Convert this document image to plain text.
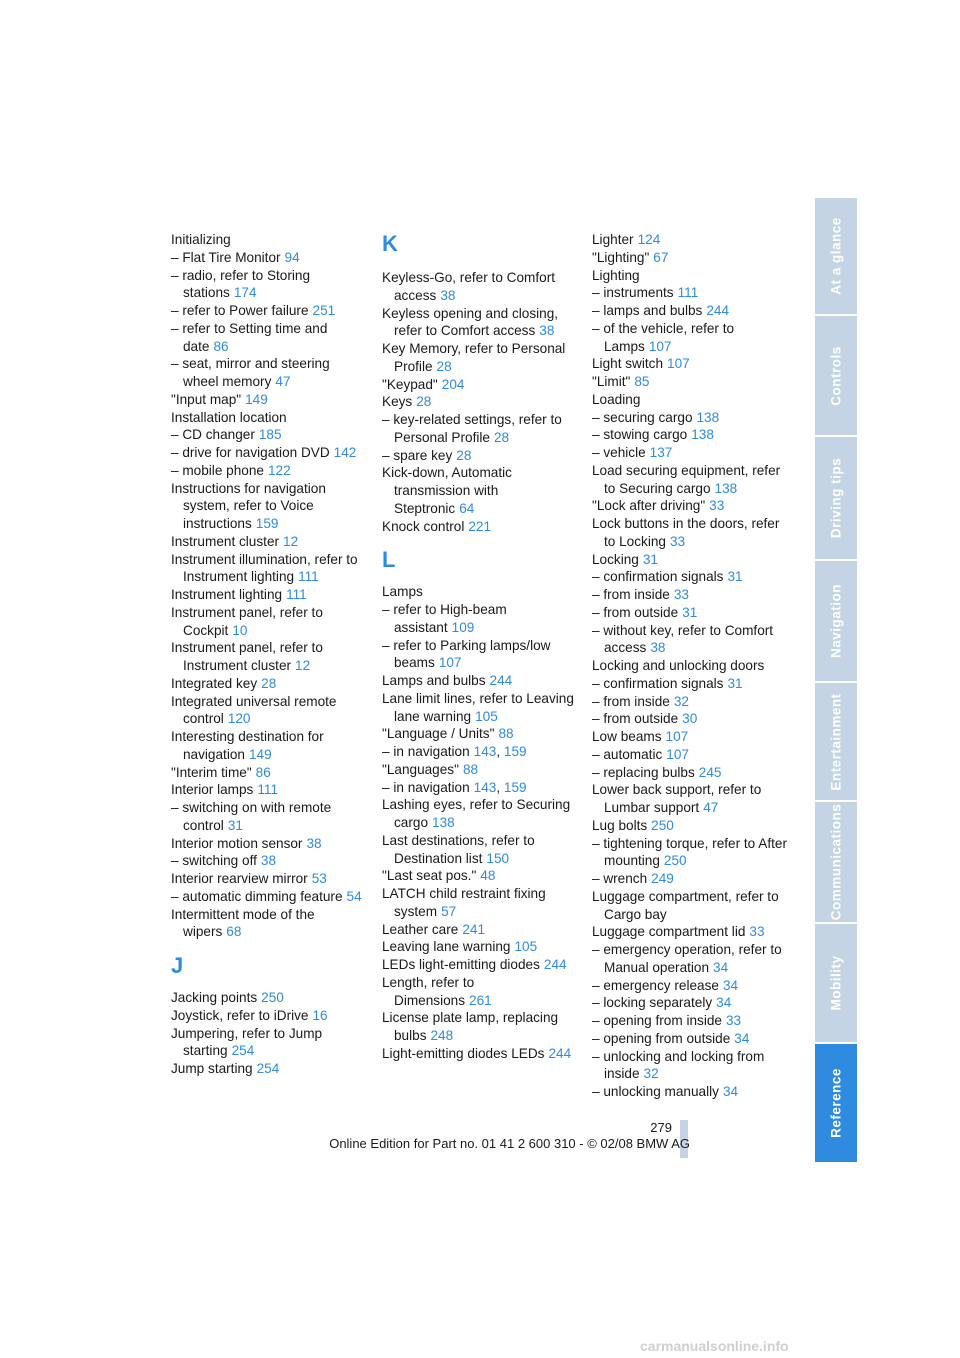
Initializing
– Flat Tire Monitor 94
– radio, refer to Storing stations 174
– refer to Power failure 251
– refer to Setting time and date 86
– seat, mirror and steering wheel memory 47
"Input map" 149
Installation location
– CD changer 185
– drive for navigation DVD 142
– mobile phone 122
Instructions for navigation system, refer to Voice instructions 159
Instrument cluster 12
Instrument illumination, refer to Instrument lighting 111
Instrument lighting 111
Instrument panel, refer to Cockpit 10
Instrument panel, refer to Instrument cluster 12
Integrated key 28
Integrated universal remote control 120
Interesting destination for navigation 149
"Interim time" 86
Interior lamps 111
– switching on with remote control 31
Interior motion sensor 38
– switching off 38
Interior rearview mirror 53
– automatic dimming feature 54
Intermittent mode of the wipers 68
J
Jacking points 250
Joystick, refer to iDrive 16
Jumpering, refer to Jump starting 254
Jump starting 254
K
Keyless-Go, refer to Comfort access 38
Keyless opening and closing, refer to Comfort access 38
Key Memory, refer to Personal Profile 28
"Keypad" 204
Keys 28
– key-related settings, refer to Personal Profile 28
– spare key 28
Kick-down, Automatic transmission with Steptronic 64
Knock control 221
L
Lamps
– refer to High-beam assistant 109
– refer to Parking lamps/low beams 107
Lamps and bulbs 244
Lane limit lines, refer to Leaving lane warning 105
"Language / Units" 88
– in navigation 143, 159
"Languages" 88
– in navigation 143, 159
Lashing eyes, refer to Securing cargo 138
Last destinations, refer to Destination list 150
"Last seat pos." 48
LATCH child restraint fixing system 57
Leather care 241
Leaving lane warning 105
LEDs light-emitting diodes 244
Length, refer to Dimensions 261
License plate lamp, replacing bulbs 248
Light-emitting diodes LEDs 244
Lighter 124
"Lighting" 67
Lighting
– instruments 111
– lamps and bulbs 244
– of the vehicle, refer to Lamps 107
Light switch 107
"Limit" 85
Loading
– securing cargo 138
– stowing cargo 138
– vehicle 137
Load securing equipment, refer to Securing cargo 138
"Lock after driving" 33
Lock buttons in the doors, refer to Locking 33
Locking 31
– confirmation signals 31
– from inside 33
– from outside 31
– without key, refer to Comfort access 38
Locking and unlocking doors
– confirmation signals 31
– from inside 32
– from outside 30
Low beams 107
– automatic 107
– replacing bulbs 245
Lower back support, refer to Lumbar support 47
Lug bolts 250
– tightening torque, refer to After mounting 250
– wrench 249
Luggage compartment, refer to Cargo bay
Luggage compartment lid 33
– emergency operation, refer to Manual operation 34
– emergency release 34
– locking separately 34
– opening from inside 33
– opening from outside 34
– unlocking and locking from inside 32
– unlocking manually 34
At a glance
Controls
Driving tips
Navigation
Entertainment
Communications
Mobility
Reference
279
Online Edition for Part no. 01 41 2 600 310 - © 02/08 BMW AG
carmanualsonline.info
